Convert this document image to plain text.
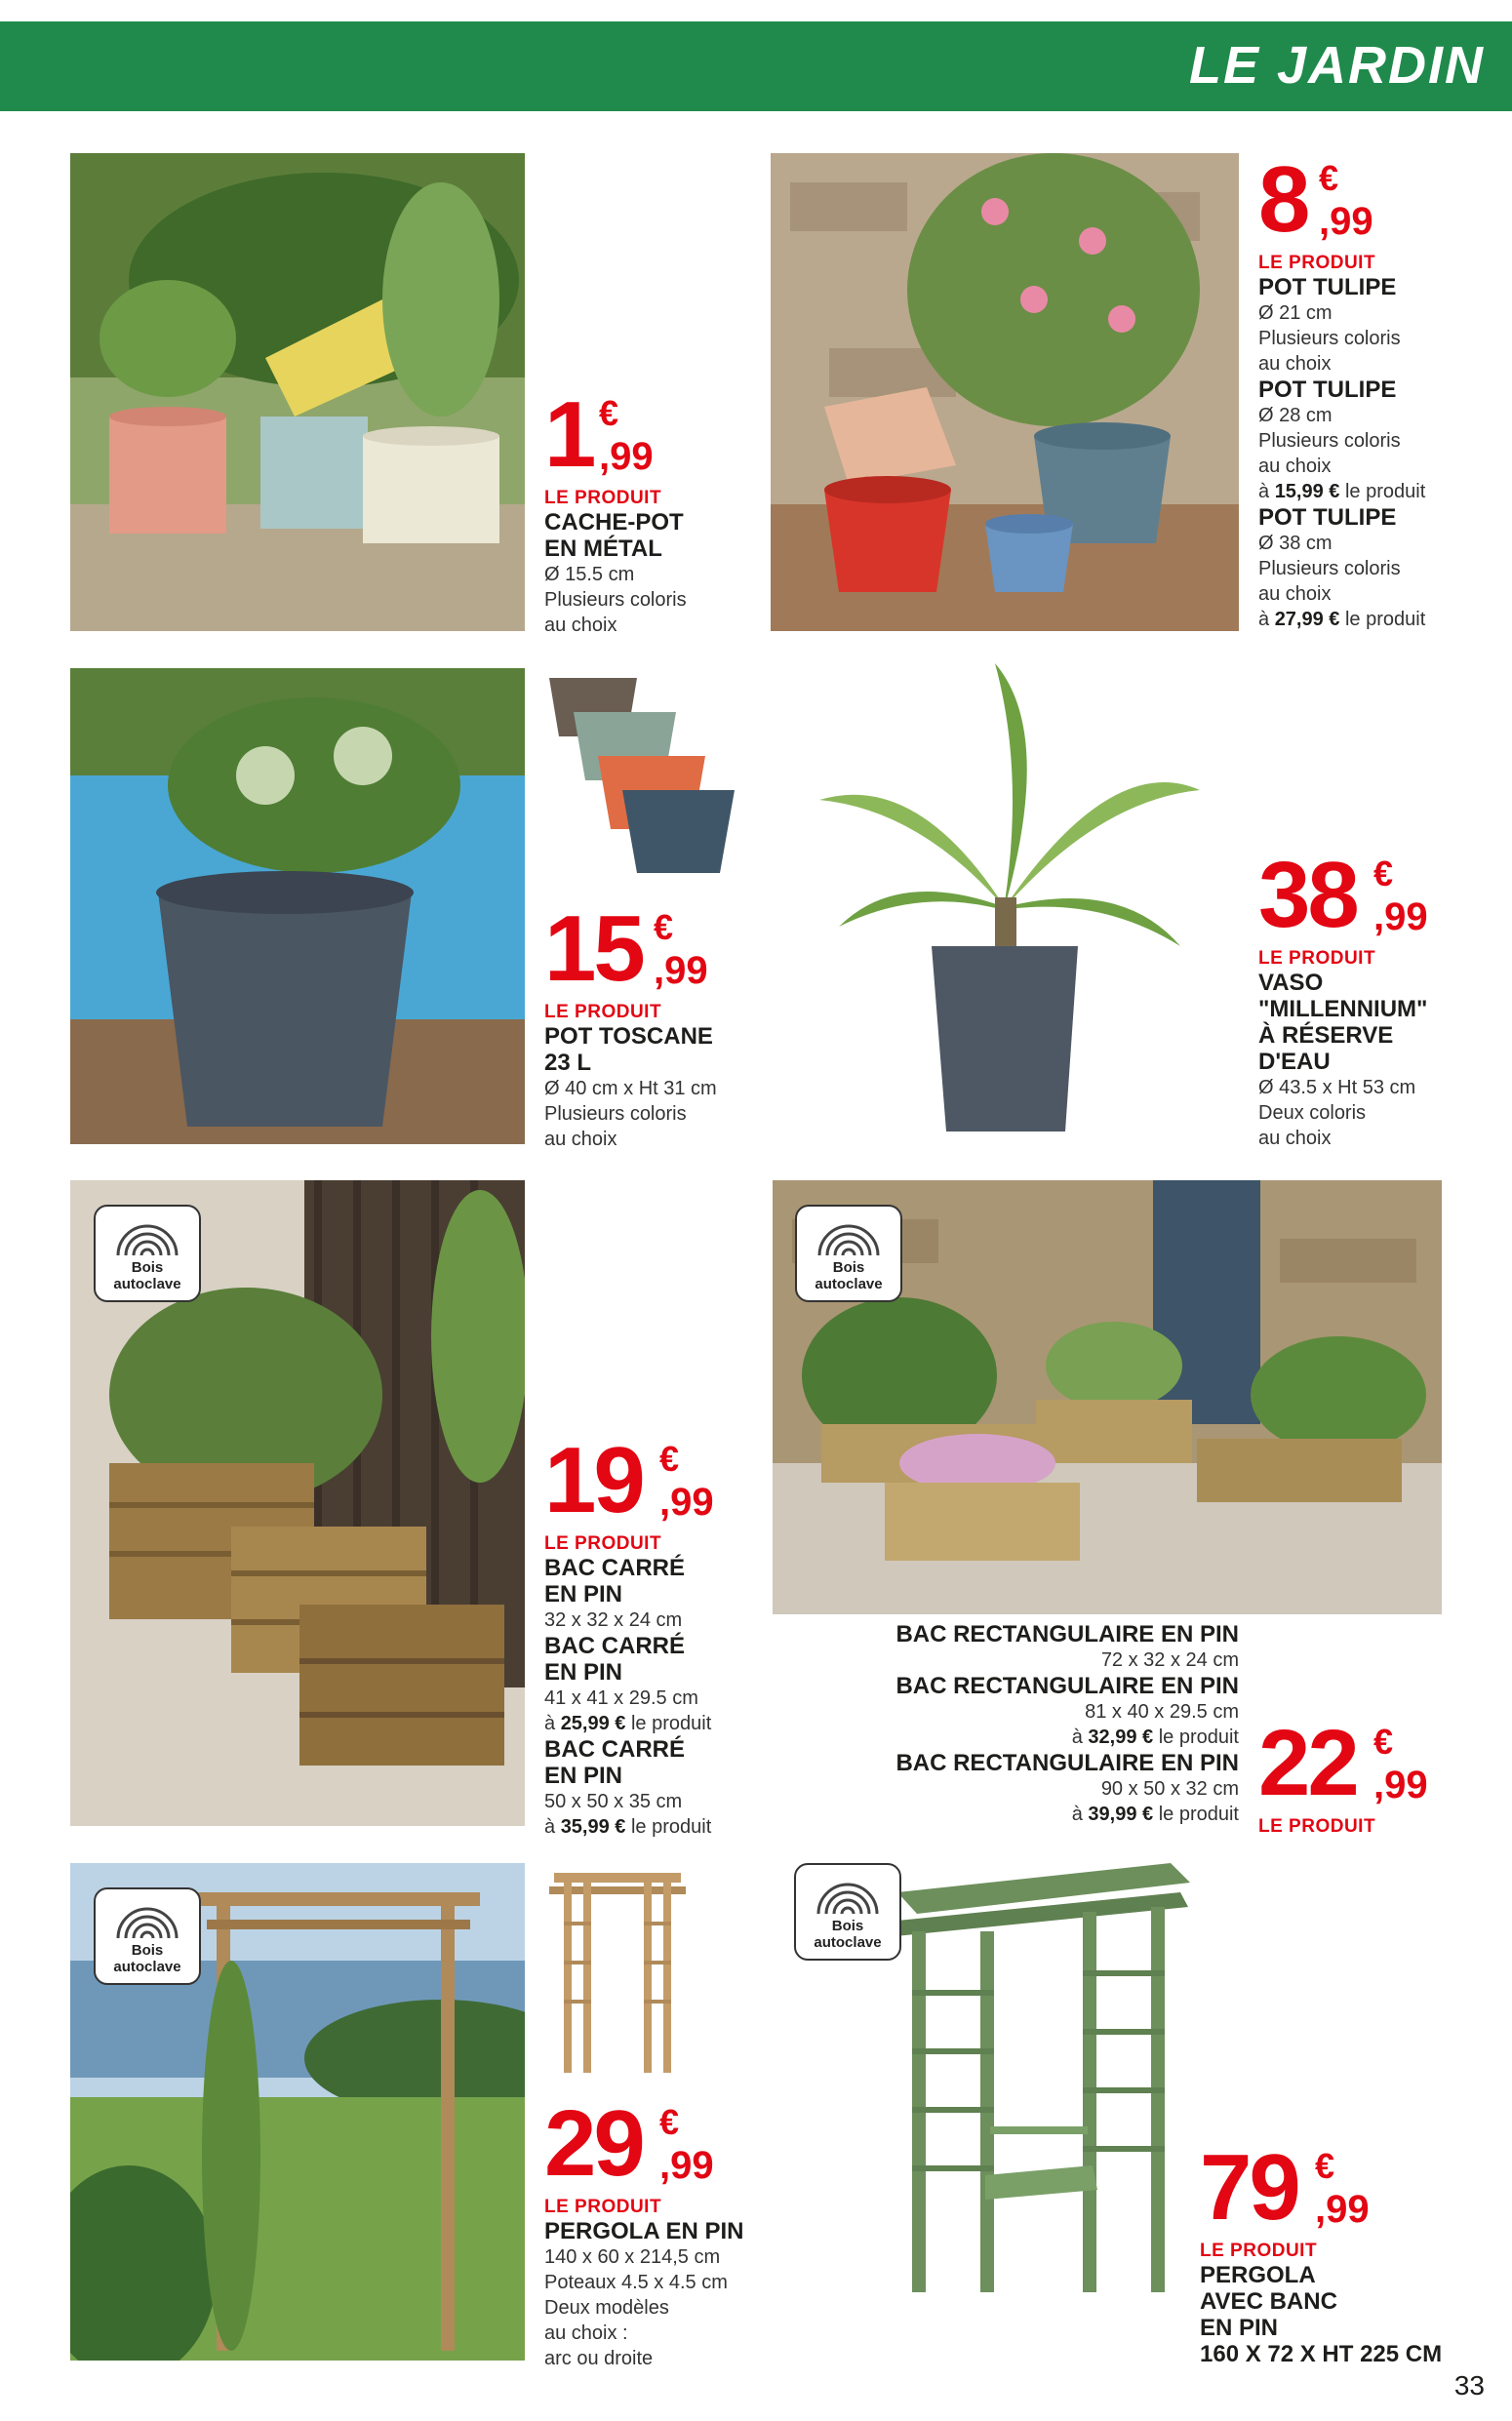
LE JARDIN
1 €
,99
LE PRODUIT
CACHE-POT
EN MÉTAL
Ø 15.5 cm
Plusieurs coloris
au choix
8 €
,99
LE PRODUIT
POT TULIPE
Ø 21 cm
Plusieurs coloris
au choix
POT TULIPE
Ø 28 cm
Plusieurs coloris
au choix
à 15,99 € le produit
POT TULIPE
Ø 38 cm
Plusieurs coloris
au choix
à 27,99 € le produit
15 €
,99
LE PRODUIT
POT TOSCANE
23 L
Ø 40 cm x Ht 31 cm
Plusieurs coloris
au choix
38 €
,99
LE PRODUIT
VASO
"MILLENNIUM"
À RÉSERVE
D'EAU
Ø 43.5 x Ht 53 cm
Deux coloris
au choix
Bois
autoclave
19 €
,99
LE PRODUIT
BAC CARRÉ
EN PIN
32 x 32 x 24 cm
BAC CARRÉ
EN PIN
41 x 41 x 29.5 cm
à 25,99 € le produit
BAC CARRÉ
EN PIN
50 x 50 x 35 cm
à 35,99 € le produit
Bois
autoclave
BAC RECTANGULAIRE EN PIN
72 x 32 x 24 cm
BAC RECTANGULAIRE EN PIN
81 x 40 x 29.5 cm
à 32,99 € le produit
BAC RECTANGULAIRE EN PIN
90 x 50 x 32 cm
à 39,99 € le produit 22 €
,99
LE PRODUIT
Bois
autoclave
29 €
,99
LE PRODUIT
PERGOLA EN PIN
140 x 60 x 214,5 cm
Poteaux 4.5 x 4.5 cm
Deux modèles
au choix :
arc ou droite
Bois
autoclave
79 €
,99
LE PRODUIT
PERGOLA
AVEC BANC
EN PIN
160 X 72 X HT 225 CM
33
